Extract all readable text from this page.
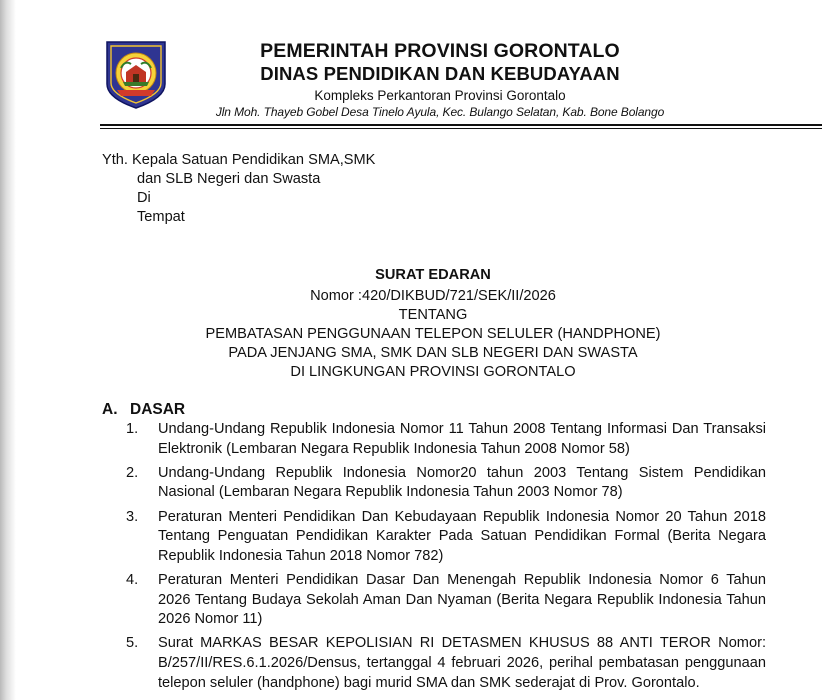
PEMERINTAH PROVINSI GORONTALO
DINAS PENDIDIKAN DAN KEBUDAYAAN
Kompleks Perkantoran Provinsi Gorontalo
Jln Moh. Thayeb Gobel Desa Tinelo Ayula, Kec. Bulango Selatan, Kab. Bone Bolango
Yth. Kepala Satuan Pendidikan SMA,SMK
dan SLB Negeri dan Swasta
Di
Tempat
SURAT EDARAN
Nomor :420/DIKBUD/721/SEK/II/2026
TENTANG
PEMBATASAN PENGGUNAAN TELEPON SELULER (HANDPHONE)
PADA JENJANG SMA, SMK DAN SLB NEGERI DAN SWASTA
DI LINGKUNGAN PROVINSI GORONTALO
A. DASAR
1. Undang-Undang Republik Indonesia Nomor 11 Tahun 2008 Tentang Informasi Dan Transaksi Elektronik (Lembaran Negara Republik Indonesia Tahun 2008 Nomor 58)
2. Undang-Undang Republik Indonesia Nomor20 tahun 2003 Tentang Sistem Pendidikan Nasional (Lembaran Negara Republik Indonesia Tahun 2003 Nomor 78)
3. Peraturan Menteri Pendidikan Dan Kebudayaan Republik Indonesia Nomor 20 Tahun 2018 Tentang Penguatan Pendidikan Karakter Pada Satuan Pendidikan Formal (Berita Negara Republik Indonesia Tahun 2018 Nomor 782)
4. Peraturan Menteri Pendidikan Dasar Dan Menengah Republik Indonesia Nomor 6 Tahun 2026 Tentang Budaya Sekolah Aman Dan Nyaman (Berita Negara Republik Indonesia Tahun 2026 Nomor 11)
5. Surat MARKAS BESAR KEPOLISIAN RI DETASMEN KHUSUS 88 ANTI TEROR Nomor: B/257/II/RES.6.1.2026/Densus, tertanggal 4 februari 2026, perihal pembatasan penggunaan telepon seluler (handphone) bagi murid SMA dan SMK sederajat di Prov. Gorontalo.
